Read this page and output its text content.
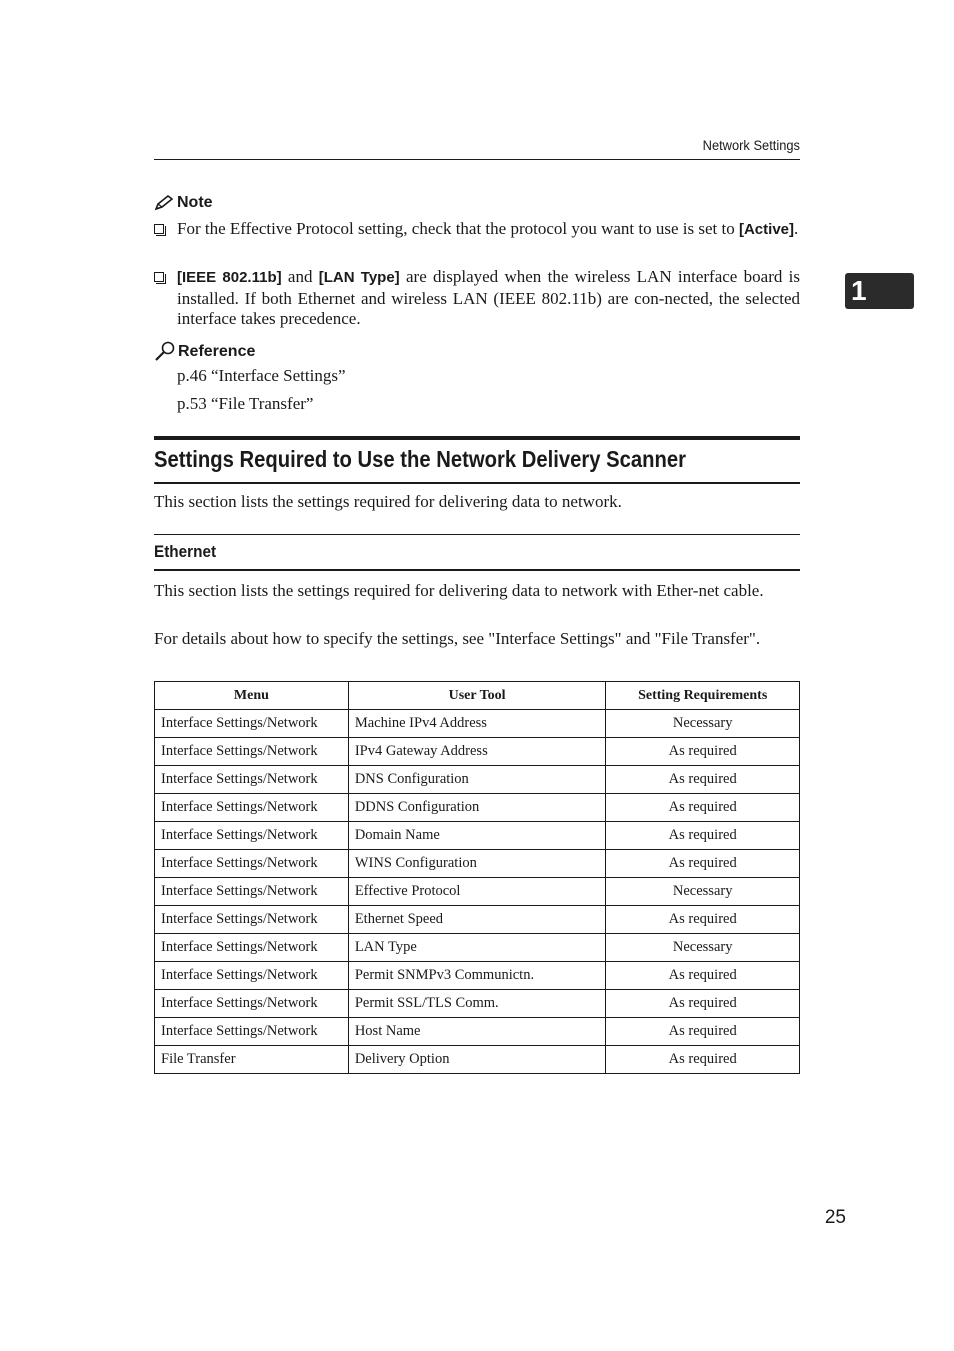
Network Settings
1
Note
For the Effective Protocol setting, check that the protocol you want to use is set to [Active].
[IEEE 802.11b] and [LAN Type] are displayed when the wireless LAN interface board is installed. If both Ethernet and wireless LAN (IEEE 802.11b) are con-nected, the selected interface takes precedence.
Reference
p.46 “Interface Settings”
p.53 “File Transfer”
Settings Required to Use the Network Delivery Scanner
This section lists the settings required for delivering data to network.
Ethernet
This section lists the settings required for delivering data to network with Ether-net cable.
For details about how to specify the settings, see "Interface Settings" and "File Transfer".
Menu	User Tool	Setting Requirements
Interface Settings/Network	Machine IPv4 Address	Necessary
Interface Settings/Network	IPv4 Gateway Address	As required
Interface Settings/Network	DNS Configuration	As required
Interface Settings/Network	DDNS Configuration	As required
Interface Settings/Network	Domain Name	As required
Interface Settings/Network	WINS Configuration	As required
Interface Settings/Network	Effective Protocol	Necessary
Interface Settings/Network	Ethernet Speed	As required
Interface Settings/Network	LAN Type	Necessary
Interface Settings/Network	Permit SNMPv3 Communictn.	As required
Interface Settings/Network	Permit SSL/TLS Comm.	As required
Interface Settings/Network	Host Name	As required
File Transfer	Delivery Option	As required
25
